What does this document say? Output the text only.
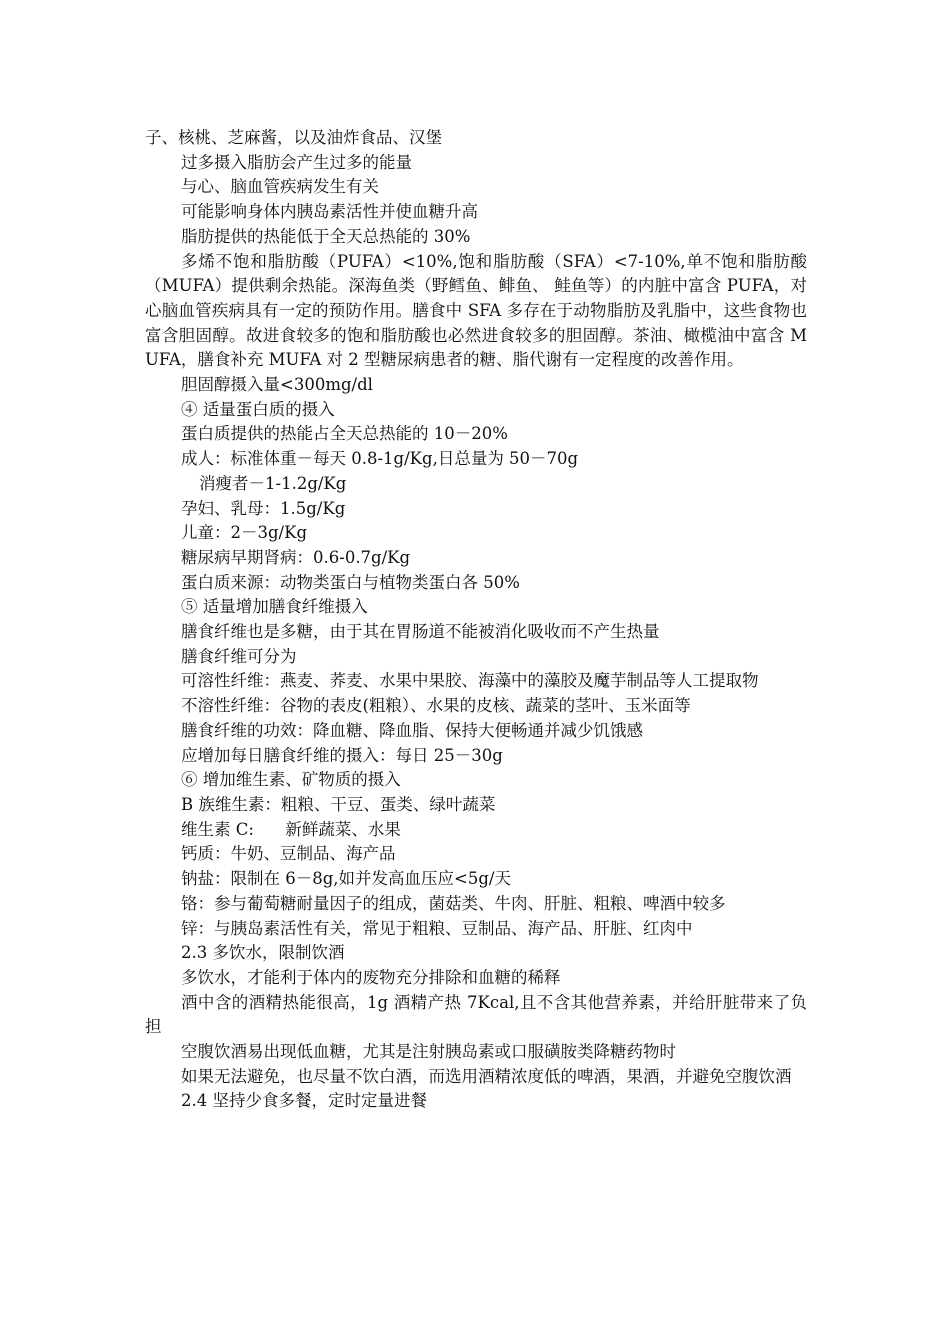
子、核桃、芝麻酱，以及油炸食品、汉堡

过多摄入脂肪会产生过多的能量

与心、脑血管疾病发生有关

可能影响身体内胰岛素活性并使血糖升高

脂肪提供的热能低于全天总热能的 30%

多烯不饱和脂肪酸（PUFA）<10%,饱和脂肪酸（SFA）<7-10%,单不饱和脂肪酸（MUFA）提供剩余热能。深海鱼类（野鳕鱼、鲱鱼、 鲑鱼等）的内脏中富含 PUFA，对心脑血管疾病具有一定的预防作用。膳食中 SFA 多存在于动物脂肪及乳脂中，这些食物也富含胆固醇。故进食较多的饱和脂肪酸也必然进食较多的胆固醇。茶油、橄榄油中富含 MUFA，膳食补充 MUFA 对 2 型糖尿病患者的糖、脂代谢有一定程度的改善作用。

胆固醇摄入量<300mg/dl

④ 适量蛋白质的摄入

蛋白质提供的热能占全天总热能的 10－20%

成人：标准体重－每天 0.8-1g/Kg,日总量为 50－70g

消瘦者－1-1.2g/Kg

孕妇、乳母：1.5g/Kg

儿童：2－3g/Kg

糖尿病早期肾病：0.6-0.7g/Kg

蛋白质来源：动物类蛋白与植物类蛋白各 50%

⑤ 适量增加膳食纤维摄入

膳食纤维也是多糖，由于其在胃肠道不能被消化吸收而不产生热量

膳食纤维可分为

可溶性纤维：燕麦、荞麦、水果中果胶、海藻中的藻胶及魔芋制品等人工提取物

不溶性纤维：谷物的表皮(粗粮）、水果的皮核、蔬菜的茎叶、玉米面等

膳食纤维的功效：降血糖、降血脂、保持大便畅通并减少饥饿感

应增加每日膳食纤维的摄入：每日 25－30g

⑥ 增加维生素、矿物质的摄入

B 族维生素：粗粮、干豆、蛋类、绿叶蔬菜

维生素 C:      新鲜蔬菜、水果

钙质：牛奶、豆制品、海产品

钠盐：限制在 6－8g,如并发高血压应<5g/天

铬：参与葡萄糖耐量因子的组成，菌菇类、牛肉、肝脏、粗粮、啤酒中较多

锌：与胰岛素活性有关，常见于粗粮、豆制品、海产品、肝脏、红肉中

2.3 多饮水，限制饮酒

多饮水，才能利于体内的废物充分排除和血糖的稀释

酒中含的酒精热能很高，1g 酒精产热 7Kcal,且不含其他营养素，并给肝脏带来了负担

空腹饮酒易出现低血糖，尤其是注射胰岛素或口服磺胺类降糖药物时

如果无法避免，也尽量不饮白酒，而选用酒精浓度低的啤酒，果酒，并避免空腹饮酒

2.4 坚持少食多餐，定时定量进餐
